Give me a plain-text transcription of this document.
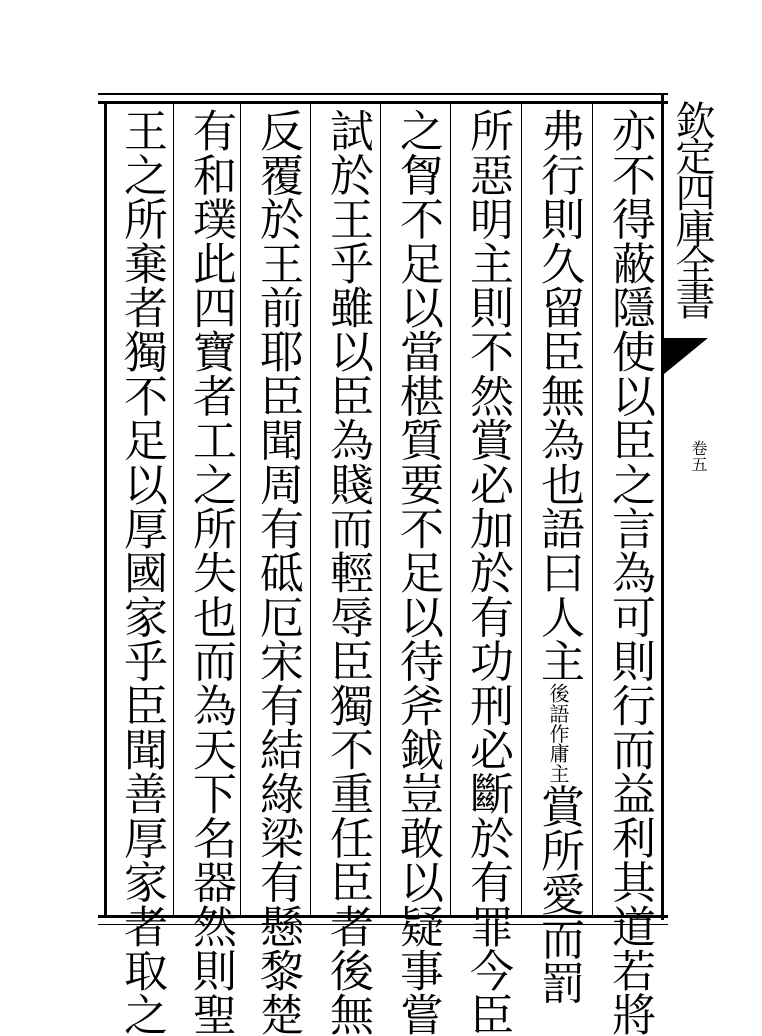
欽定四庫全書
卷五
亦不得蔽隱使以臣之言為可則行而益利其道若將
弗行則久留臣無為也語曰人主後語作庸主賞所愛而罰
所惡明主則不然賞必加於有功刑必斷於有罪今臣
之胷不足以當椹質要不足以待斧鉞豈敢以疑事嘗
試於王乎雖以臣為賤而輕辱臣獨不重任臣者後無
反覆於王前耶臣聞周有砥厄宋有結綠梁有懸黎楚
有和璞此四寶者工之所失也而為天下名器然則聖
王之所棄者獨不足以厚國家乎臣聞善厚家者取之
